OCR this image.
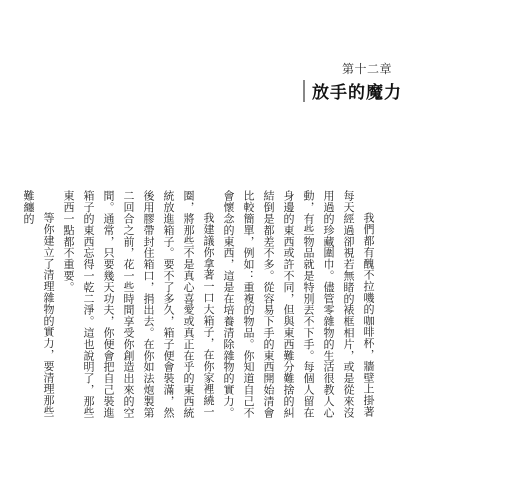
第十二章
放手的魔力

我們都有醜不拉嘰的咖啡杯，牆壁上掛著每天經過卻視若無睹的裱框相片，或是從來沒用過的珍藏圍巾。儘管零雜物的生活很教人心動，有些物品就是特別丟不下手。每個人留在身邊的東西或許不同，但與東西難分難捨的糾結倒是都差不多。從容易下手的東西開始清會比較簡單，例如：重複的物品。你知道自己不會懷念的東西，這是在培養清除雜物的實力。

我建議你拿著一口大箱子，在你家裡繞一圈，將那些不是真心喜愛或真正在乎的東西統統放進箱子。要不了多久，箱子便會裝滿，然後用膠帶封住箱口，捐出去。在你如法炮製第二回合之前，花一些時間享受你創造出來的空間。通常，只要幾天功夫，你便會把自己裝進箱子的東西忘得一乾二淨。這也說明了，那些東西一點都不重要。

等你建立了清理雜物的實力，要清理那些難纏的
